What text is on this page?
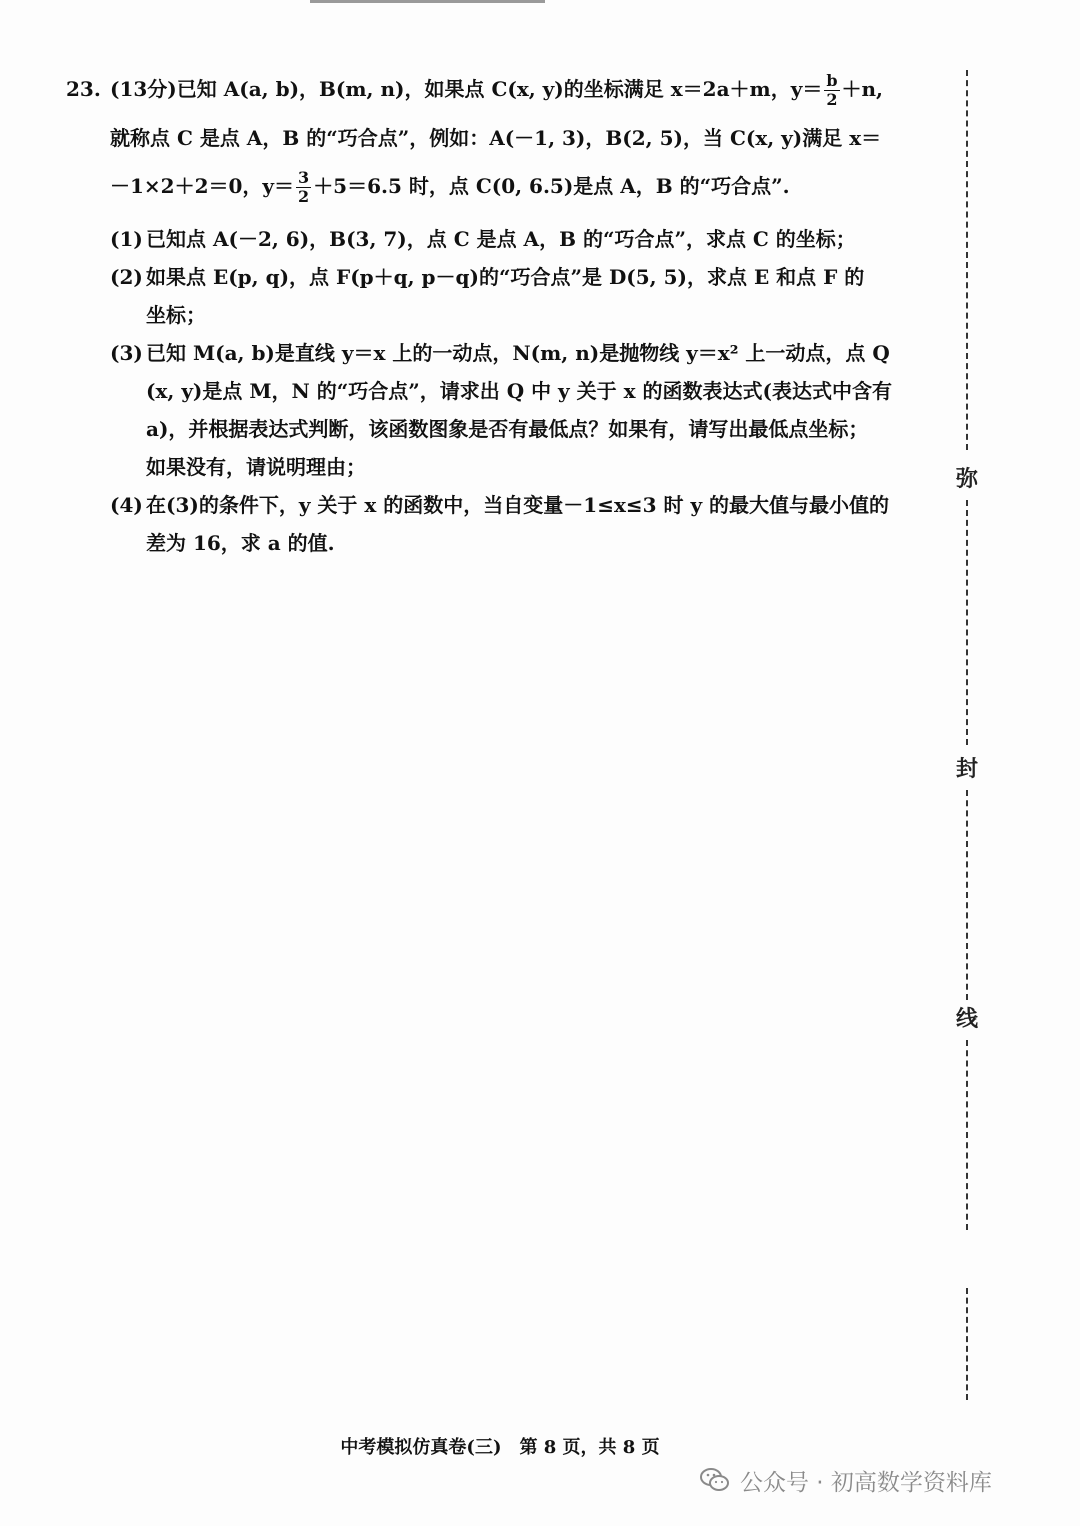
23. (13分)已知 A(a, b)，B(m, n)，如果点 C(x, y)的坐标满足 x＝2a＋m，$y= \frac{b}{2} +n$,
就称点 C 是点 A，B 的“巧合点”，例如：A(－1, 3)，B(2, 5)，当 C(x, y)满足 x＝
－1×2＋2＝0，$y= \frac{3}{2} +5=6.5$ 时，点 C(0, 6.5)是点 A，B 的“巧合点”.
(1) 已知点 A(－2, 6)，B(3, 7)，点 C 是点 A，B 的“巧合点”，求点 C 的坐标；
(2) 如果点 E(p, q)，点 F(p＋q, p－q)的“巧合点”是 D(5, 5)，求点 E 和点 F 的
坐标；
(3) 已知 M(a, b)是直线 y＝x 上的一动点，N(m, n)是抛物线 y＝x² 上一动点，点 Q
(x, y)是点 M，N 的“巧合点”，请求出 Q 中 y 关于 x 的函数表达式(表达式中含有
a)，并根据表达式判断，该函数图象是否有最低点？如果有，请写出最低点坐标；
如果没有，请说明理由；
(4) 在(3)的条件下，y 关于 x 的函数中，当自变量－1≤x≤3 时 y 的最大值与最小值的
差为 16，求 a 的值.
弥
封
线
中考模拟仿真卷(三)　第 8 页，共 8 页
公众号 · 初高数学资料库
